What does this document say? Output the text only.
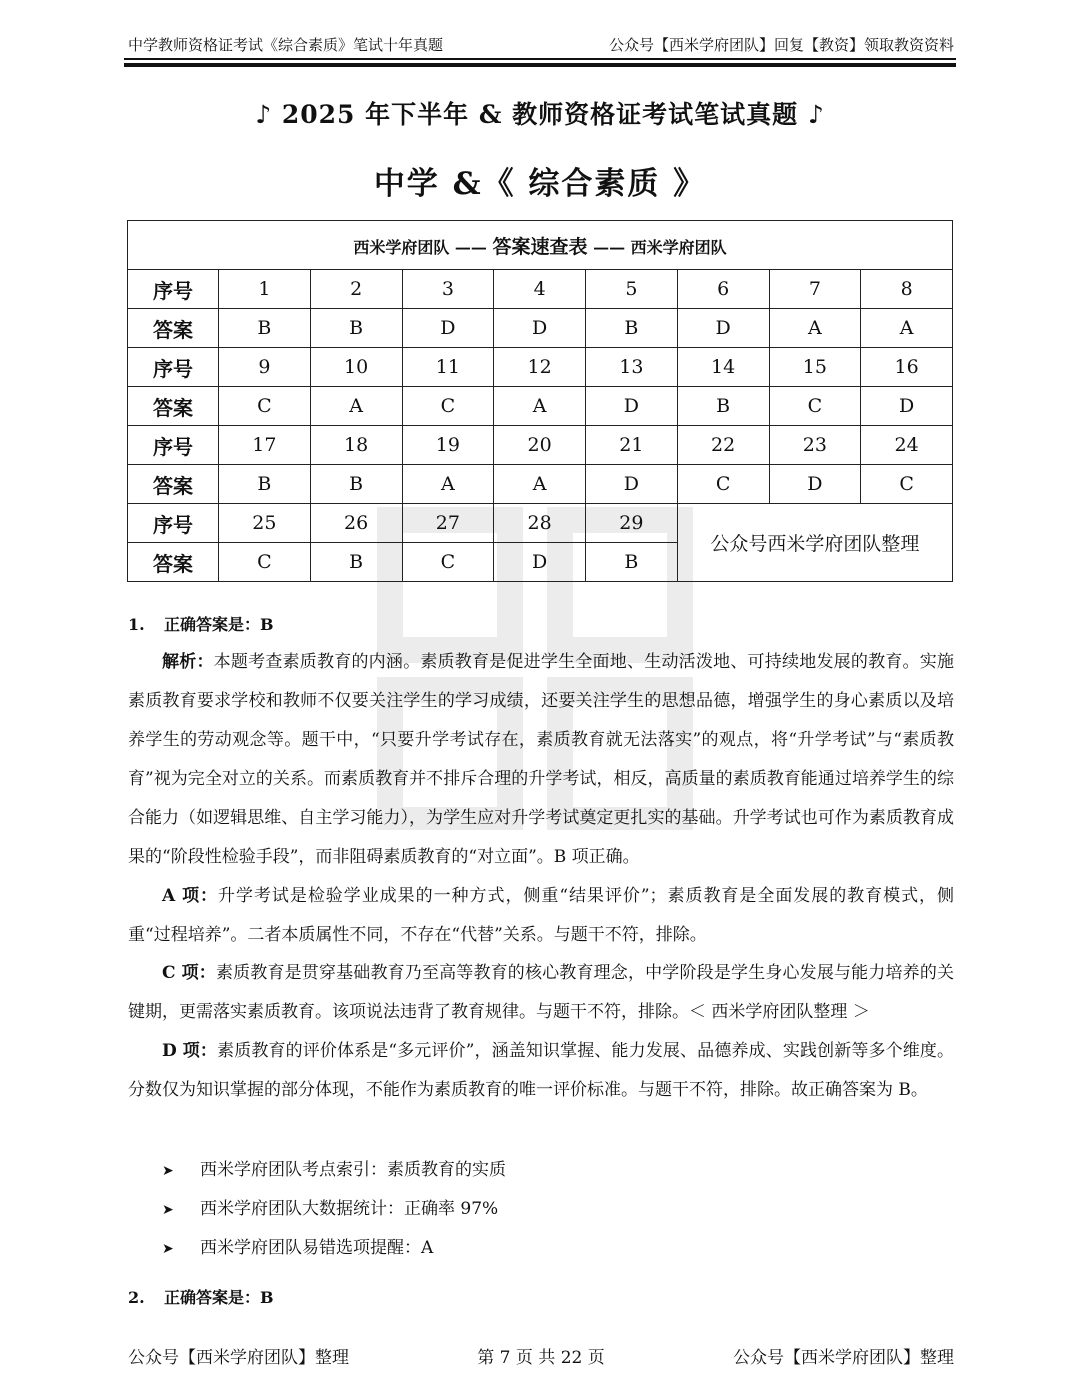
中学教师资格证考试《综合素质》笔试十年真题	公众号【西米学府团队】回复【教资】领取教资资料
♪ 2025 年下半年 & 教师资格证考试笔试真题 ♪
中学 &《 综合素质 》
西米学府团队 —— 答案速查表 —— 西米学府团队								
序号	1	2	3	4	5	6	7	8
答案	B	B	D	D	B	D	A	A
序号	9	10	11	12	13	14	15	16
答案	C	A	C	A	D	B	C	D
序号	17	18	19	20	21	22	23	24
答案	B	B	A	A	D	C	D	C
序号	25	26	27	28	29	公众号西米学府团队整理		
答案	C	B	C	D	B			
1. 正确答案是：B
解析：本题考查素质教育的内涵。素质教育是促进学生全面地、生动活泼地、可持续地发展的教育。实施素质教育要求学校和教师不仅要关注学生的学习成绩，还要关注学生的思想品德，增强学生的身心素质以及培养学生的劳动观念等。题干中，“只要升学考试存在，素质教育就无法落实”的观点，将“升学考试”与“素质教育”视为完全对立的关系。而素质教育并不排斥合理的升学考试，相反，高质量的素质教育能通过培养学生的综合能力（如逻辑思维、自主学习能力），为学生应对升学考试奠定更扎实的基础。升学考试也可作为素质教育成果的“阶段性检验手段”，而非阻碍素质教育的“对立面”。B 项正确。
A 项：升学考试是检验学业成果的一种方式，侧重“结果评价”；素质教育是全面发展的教育模式，侧重“过程培养”。二者本质属性不同，不存在“代替”关系。与题干不符，排除。
C 项：素质教育是贯穿基础教育乃至高等教育的核心教育理念，中学阶段是学生身心发展与能力培养的关键期，更需落实素质教育。该项说法违背了教育规律。与题干不符，排除。＜ 西米学府团队整理 ＞
D 项：素质教育的评价体系是“多元评价”，涵盖知识掌握、能力发展、品德养成、实践创新等多个维度。分数仅为知识掌握的部分体现，不能作为素质教育的唯一评价标准。与题干不符，排除。故正确答案为 B。
➤ 西米学府团队考点索引：素质教育的实质
➤ 西米学府团队大数据统计：正确率 97%
➤ 西米学府团队易错选项提醒：A
2. 正确答案是：B
公众号【西米学府团队】整理	第 7 页 共 22 页	公众号【西米学府团队】整理
